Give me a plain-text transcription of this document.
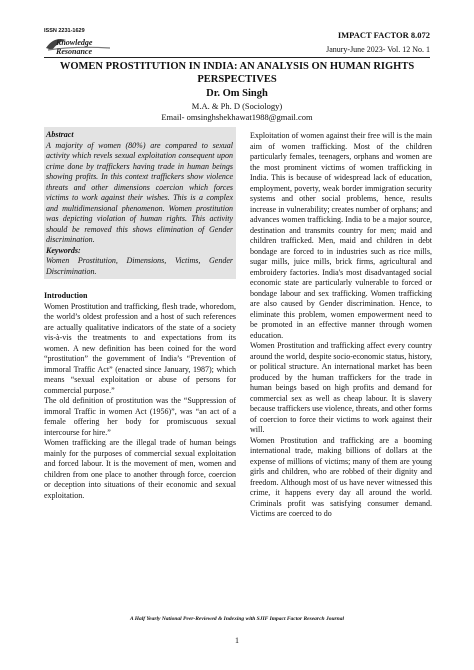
ISSN 2231-1629
Knowledge Resonance
IMPACT FACTOR 8.072
Janury-June 2023- Vol. 12 No. 1
WOMEN PROSTITUTION IN INDIA: AN ANALYSIS ON HUMAN RIGHTS PERSPECTIVES
Dr. Om Singh
M.A. & Ph. D (Sociology)
Email- omsinghshekhawat1988@gmail.com
Abstract
A majority of women (80%) are compared to sexual activity which revels sexual exploitation consequent upon crime done by traffickers having trade in human beings showing profits. In this context traffickers show violence threats and other dimensions coercion which forces victims to work against their wishes. This is a complex and multidimensional phenomenon. Women prostitution was depicting violation of human rights. This activity should be removed this shows elimination of Gender discrimination.
Keywords:
Women Prostitution, Dimensions, Victims, Gender Discrimination.
Introduction
Women Prostitution and trafficking, flesh trade, whoredom, the world’s oldest profession and a host of such references are actually qualitative indicators of the state of a society vis-à-vis the treatments to and expectations from its women. A new definition has been coined for the word “prostitution” the government of India’s “Prevention of immoral Traffic Act” (enacted since January, 1987); which means “sexual exploitation or abuse of persons for commercial purpose.”
The old definition of prostitution was the “Suppression of immoral Traffic in women Act (1956)”, was “an act of a female offering her body for promiscuous sexual intercourse for hire.”
Women trafficking are the illegal trade of human beings mainly for the purposes of commercial sexual exploitation and forced labour. It is the movement of men, women and children from one place to another through force, coercion or deception into situations of their economic and sexual exploitation.
Exploitation of women against their free will is the main aim of women trafficking. Most of the children particularly females, teenagers, orphans and women are the most prominent victims of women trafficking in India. This is because of widespread lack of education, employment, poverty, weak border immigration security systems and other social problems, hence, results increase in vulnerability; creates number of orphans; and advances women trafficking. India to be a major source, destination and transmits country for men; maid and children trafficked. Men, maid and children in debt bondage are forced to in industries such as rice mills, sugar mills, juice mills, brick firms, agricultural and embroidery factories. India's most disadvantaged social economic state are particularly vulnerable to forced or bondage labour and sex trafficking. Women trafficking are also caused by Gender discrimination. Hence, to eliminate this problem, women empowerment need to be promoted in an effective manner through women education.
Women Prostitution and trafficking affect every country around the world, despite socio-economic status, history, or political structure. An international market has been produced by the human traffickers for the trade in human beings based on high profits and demand for commercial sex as well as cheap labour. It is slavery because traffickers use violence, threats, and other forms of coercion to force their victims to work against their will.
Women Prostitution and trafficking are a booming international trade, making billions of dollars at the expense of millions of victims; many of them are young girls and children, who are robbed of their dignity and freedom. Although most of us have never witnessed this crime, it happens every day all around the world. Criminals profit was satisfying consumer demand. Victims are coerced to do
A Half Yearly National Peer-Reviewed & Indexing with SJIF Impact Factor Research Journal
1
